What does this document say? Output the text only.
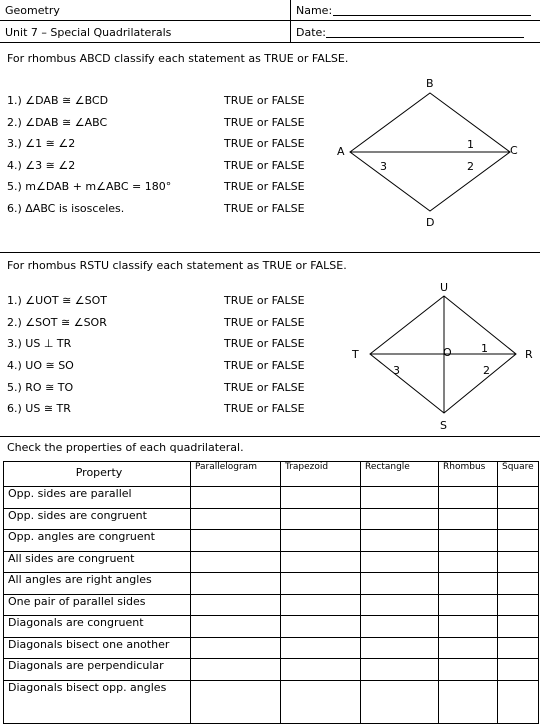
Geometry
Unit 7 – Special Quadrilaterals
Name:
Date:
For rhombus ABCD classify each statement as TRUE or FALSE.
1.) ∠DAB ≅ ∠BCD
2.) ∠DAB ≅ ∠ABC
3.) ∠1 ≅ ∠2
4.) ∠3 ≅ ∠2
5.) m∠DAB + m∠ABC = 180°
6.) ΔABC is isosceles.
TRUE or FALSE
TRUE or FALSE
TRUE or FALSE
TRUE or FALSE
TRUE or FALSE
TRUE or FALSE
B
A	C
D
1
2
3
For rhombus RSTU classify each statement as TRUE or FALSE.
1.) ∠UOT ≅ ∠SOT
2.) ∠SOT ≅ ∠SOR
3.) US ⊥ TR
4.) UO ≅ SO
5.) RO ≅ TO
6.) US ≅ TR
TRUE or FALSE
TRUE or FALSE
TRUE or FALSE
TRUE or FALSE
TRUE or FALSE
TRUE or FALSE
U
T	R
S
O	1
2
3
Check the properties of each quadrilateral.
Property	Parallelogram	Trapezoid	Rectangle	Rhombus	Square
Opp. sides are parallel					
Opp. sides are congruent					
Opp. angles are congruent					
All sides are congruent					
All angles are right angles					
One pair of parallel sides					
Diagonals are congruent					
Diagonals bisect one another					
Diagonals are perpendicular					
Diagonals bisect opp. angles					
